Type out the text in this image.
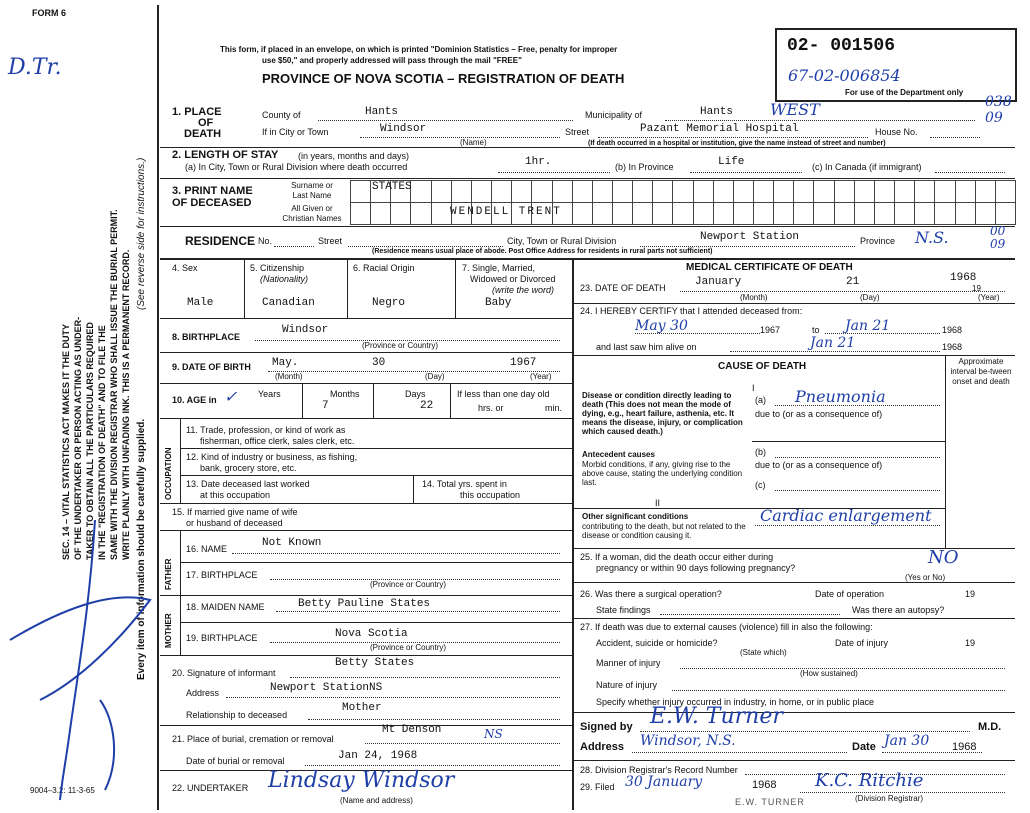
FORM 6
D.Tr.
This form, if placed in an envelope, on which is printed "Dominion Statistics – Free, penalty for improper
use $50," and properly addressed will pass through the mail "FREE"
PROVINCE OF NOVA SCOTIA – REGISTRATION OF DEATH
02- 001506
67-02-006854
For use of the Department only
038 09
SEC. 14 – VITAL STATISTICS ACT MAKES IT THE DUTY OF THE UNDERTAKER OR PERSON ACTING AS UNDER- TAKER TO OBTAIN ALL THE PARTICULARS REQUIRED IN THE "REGISTRATION OF DEATH" AND TO FILE THE SAME WITH THE DIVISION REGISTRAR WHO SHALL ISSUE THE BURIAL PERMIT. WRITE PLAINLY WITH UNFADING INK. THIS IS A PERMANENT RECORD. Every item of information should be carefully supplied.
(See reverse side for instructions.)
9004–3.2: 11-3-65
1. PLACE
OF
DEATH
County of	Hants	Municipality of	Hants WEST
If in City or Town	Windsor
(Name)
Street	Pazant Memorial Hospital	House No.
(If death occurred in a hospital or institution, give the name instead of street and number)
2. LENGTH OF STAY (in years, months and days)
(a) In City, Town or Rural Division where death occurred	1hr.	(b) In Province	Life	(c) In Canada (if immigrant)
3. PRINT NAME
OF DECEASED
Surname or
Last Name
All Given or
Christian Names
STATES
WENDELL TRENT
RESIDENCE No.	Street	City, Town or Rural Division	Newport Station	Province N.S.	00 09
(Residence means usual place of abode. Post Office Address for residents in rural parts not sufficient)
4. Sex
Male
5. Citizenship
(Nationality)
Canadian
6. Racial Origin
Negro
7. Single, Married,
Widowed or Divorced
(write the word)
Baby
8. BIRTHPLACE
Windsor
(Province or Country)
9. DATE OF BIRTH May.	30	1967
(Month)	(Day)	(Year)
10. AGE in ✓ Years	Months
7
Days
22
If less than one day old
hrs. or	min.
OCCUPATION
11. Trade, profession, or kind of work as
fisherman, office clerk, sales clerk, etc.
12. Kind of industry or business, as fishing,
bank, grocery store, etc.
13. Date deceased last worked
at this occupation
14. Total yrs. spent in
this occupation
15. If married give name of wife
or husband of deceased
FATHER
16. NAME	Not Known
17. BIRTHPLACE
(Province or Country)
MOTHER
18. MAIDEN NAME	Betty Pauline States
19. BIRTHPLACE	Nova Scotia
(Province or Country)
20. Signature of informant
Betty States
Address	Newport StationNS
Relationship to deceased
Mother
21. Place of burial, cremation or removal
Mt Denson	NS
Date of burial or removal	Jan 24, 1968
22. UNDERTAKER Lindsay Windsor
(Name and address)
MEDICAL CERTIFICATE OF DEATH
23. DATE OF DEATH	January	21	1968
19
(Month)	(Day)	(Year)
24. I HEREBY CERTIFY that I attended deceased from:
May 30	1967	to Jan 21	1968
and last saw him alive on	Jan 21	1968
CAUSE OF DEATH	Approximate interval be-tween onset and death
I
Disease or condition directly leading to death (This does not mean the mode of dying, e.g., heart failure, asthenia, etc. It means the disease, injury, or complication which caused death.)
(a) Pneumonia
due to (or as a consequence of)
Antecedent causes
Morbid conditions, if any, giving rise to the above cause, stating the underlying condition last.
(b)
due to (or as a consequence of)
(c)
II
Other significant conditions
contributing to the death, but not related to the disease or condition causing it.
Cardiac enlargement
25. If a woman, did the death occur either during
pregnancy or within 90 days following pregnancy?	NO
(Yes or No)
26. Was there a surgical operation?	Date of operation	19
State findings	Was there an autopsy?
27. If death was due to external causes (violence) fill in also the following:
Accident, suicide or homicide?	Date of injury	19
(State which)
Manner of injury
(How sustained)
Nature of injury
Specify whether injury occurred in industry, in home, or in public place
Signed by E.W. Turner	M.D.
Address Windsor, N.S.	Date Jan 30 1968
28. Division Registrar's Record Number
29. Filed 30 January	1968 K.C. Ritchie
(Division Registrar)
E.W. TURNER
